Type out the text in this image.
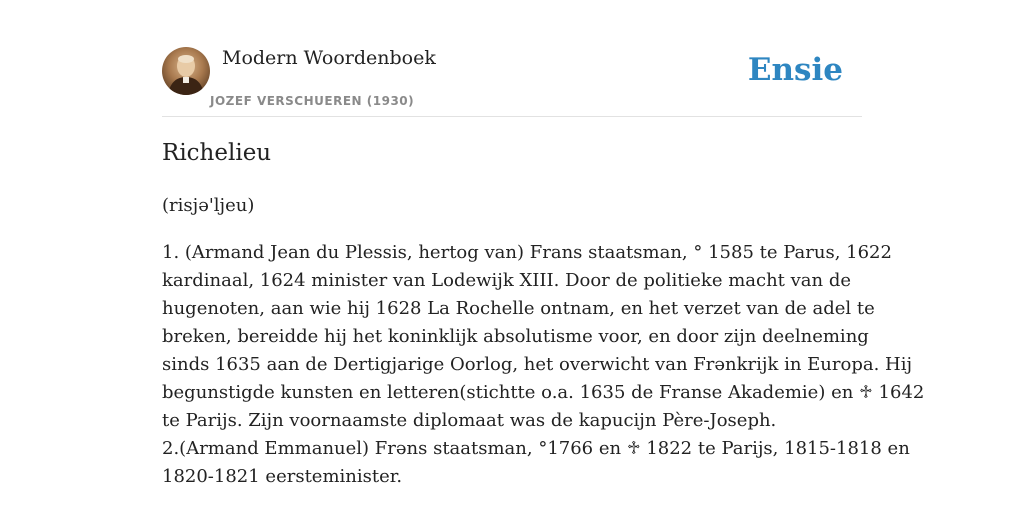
Modern Woordenboek
JOZEF VERSCHUEREN (1930)
Ensie
Richelieu
(risjə'ljeu)
1. (Armand Jean du Plessis, hertog van) Frans staatsman, ° 1585 te Parus, 1622
kardinaal, 1624 minister van Lodewijk XIII. Door de politieke macht van de
hugenoten, aan wie hij 1628 La Rochelle ontnam, en het verzet van de adel te
breken, bereidde hij het koninklijk absolutisme voor, en door zijn deelneming
sinds 1635 aan de Dertigjarige Oorlog, het overwicht van Frənkrijk in Europa. Hij
begunstigde kunsten en letteren(stichtte o.a. 1635 de Franse Akademie) en ♱ 1642
te Parijs. Zijn voornaamste diplomaat was de kapucijn Père-Joseph.
2.(Armand Emmanuel) Frəns staatsman, °1766 en ♱ 1822 te Parijs, 1815-1818 en
1820-1821 eersteminister.
